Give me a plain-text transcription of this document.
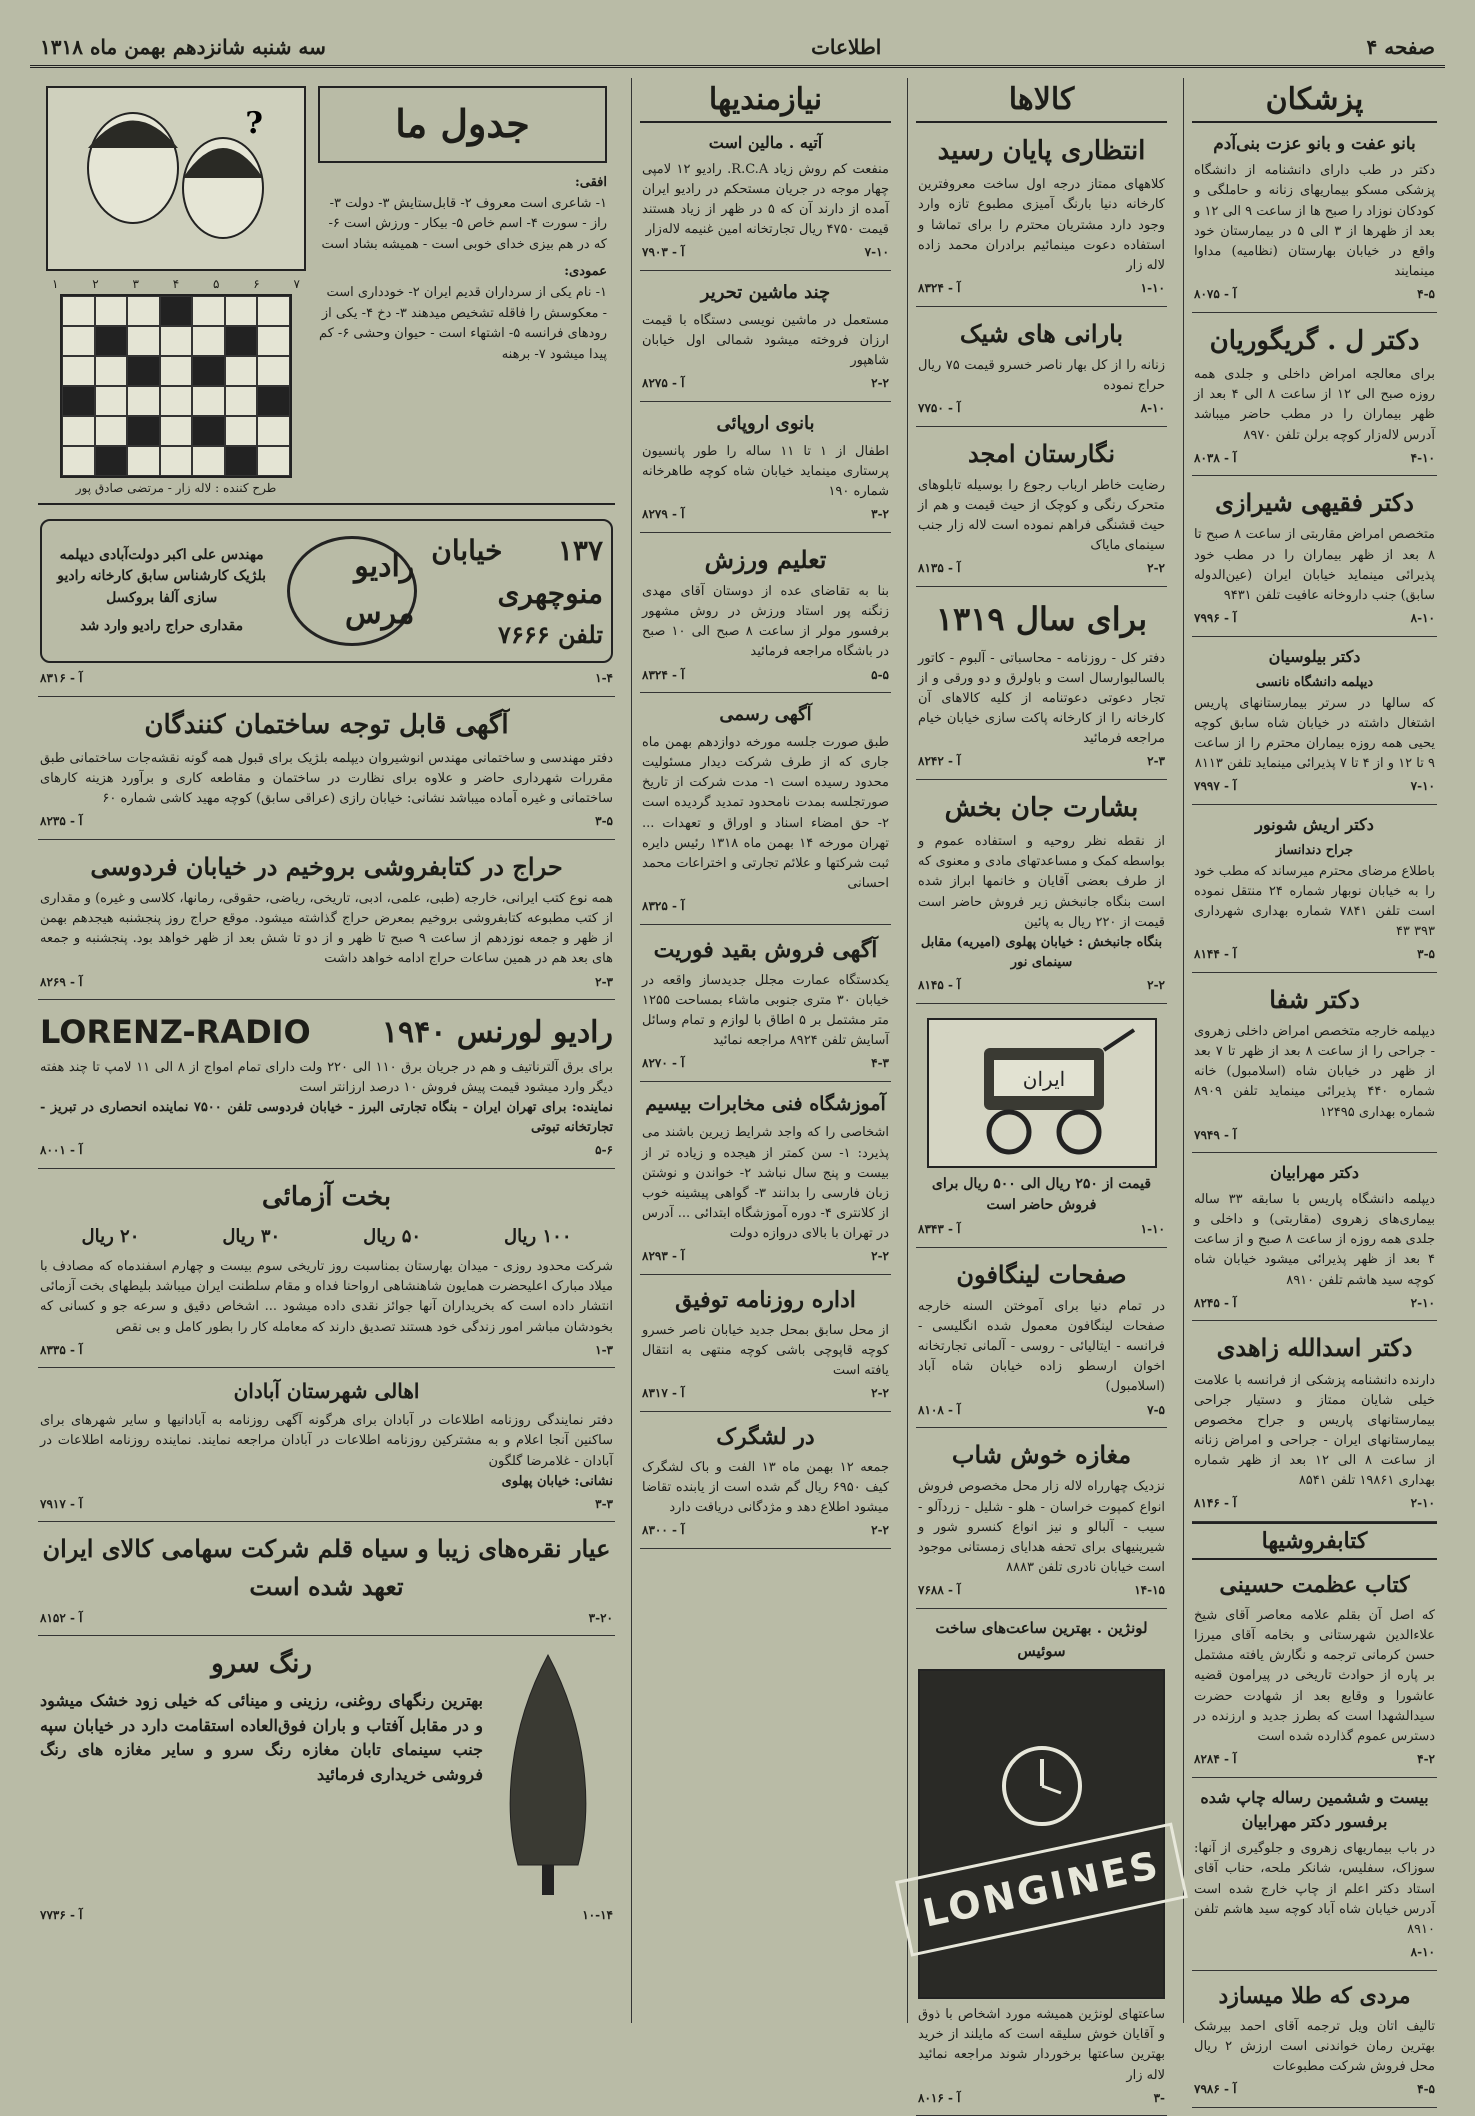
صفحه ۴
اطلاعات
سه شنبه شانزدهم بهمن ماه ۱۳۱۸
پزشکان
بانو عفت و بانو عزت بنی‌آدم
دکتر در طب دارای دانشنامه از دانشگاه پزشکی مسکو بیماریهای زنانه و حاملگی و کودکان نوزاد را صبح ها از ساعت ۹ الی ۱۲ و بعد از ظهرها از ۳ الی ۵ در بیمارستان خود واقع در خیابان بهارستان (نظامیه) مداوا مینمایند
آ - ۸۰۷۵	۴-۵
دکتر ل . گریگوریان
برای معالجه امراض داخلی و جلدی همه روزه صبح الی ۱۲ از ساعت ۸ الی ۴ بعد از ظهر بیماران را در مطب حاضر میباشد آدرس لاله‌زار کوچه برلن تلفن ۸۹۷۰
آ - ۸۰۳۸	۴-۱۰
دکتر فقیهی شیرازی
متخصص امراض مقاربتی از ساعت ۸ صبح تا ۸ بعد از ظهر بیماران را در مطب خود پذیرائی مینماید خیابان ایران (عین‌الدوله سابق) جنب داروخانه عافیت تلفن ۹۴۳۱
آ - ۷۹۹۶	۸-۱۰
دکتر بیلوسیان
دیپلمه دانشگاه نانسی
که سالها در سرتر بیمارستانهای پاریس اشتغال داشته در خیابان شاه سابق کوچه یحیی همه روزه بیماران محترم را از ساعت ۹ تا ۱۲ و از ۴ تا ۷ پذیرائی مینماید تلفن ۸۱۱۳
آ - ۷۹۹۷	۷-۱۰
دکتر اریش شونور
جراح دندانساز
باطلاع مرضای محترم میرساند که مطب خود را به خیابان نوبهار شماره ۲۴ منتقل نموده است تلفن ۷۸۴۱ شماره بهداری شهرداری ۳۹۳ ۴۳
آ - ۸۱۴۴	۳-۵
دکتر شفا
دیپلمه خارجه متخصص امراض داخلی زهروی - جراحی را از ساعت ۸ بعد از ظهر تا ۷ بعد از ظهر در خیابان شاه (اسلامبول) خانه شماره ۴۴۰ پذیرائی مینماید تلفن ۸۹۰۹ شماره بهداری ۱۲۴۹۵
آ - ۷۹۴۹
دکتر مهرابیان
دیپلمه دانشگاه پاریس با سابقه ۳۳ ساله بیماری‌های زهروی (مقاربتی) و داخلی و جلدی همه روزه از ساعت ۸ صبح و از ساعت ۴ بعد از ظهر پذیرائی میشود خیابان شاه کوچه سید هاشم تلفن ۸۹۱۰
آ - ۸۲۴۵	۲-۱۰
دکتر اسدالله زاهدی
دارنده دانشنامه پزشکی از فرانسه با علامت خیلی شایان ممتاز و دستیار جراحی بیمارستانهای پاریس و جراح مخصوص بیمارستانهای ایران - جراحی و امراض زنانه از ساعت ۸ الی ۱۲ بعد از ظهر شماره بهداری ۱۹۸۶۱ تلفن ۸۵۴۱
آ - ۸۱۴۶	۲-۱۰
کتابفروشیها
کتاب عظمت حسینی
که اصل آن بقلم علامه معاصر آقای شیخ علاءالدین شهرستانی و بخامه آقای میرزا حسن کرمانی ترجمه و نگارش یافته مشتمل بر پاره از حوادث تاریخی در پیرامون قضیه عاشورا و وقایع بعد از شهادت حضرت سیدالشهدا است که بطرز جدید و ارزنده در دسترس عموم گذارده شده است
آ - ۸۲۸۴	۴-۲
بیست و ششمین رساله چاپ شده برفسور دکتر مهرابیان
در باب بیماریهای زهروی و جلوگیری از آنها: سوزاک، سفلیس، شانکر ملحه، حناب آقای استاد دکتر اعلم از چاپ خارج شده است آدرس خیابان شاه آباد کوچه سید هاشم تلفن ۸۹۱۰
۸-۱۰
مردی که طلا میسازد
تالیف اتان ویل ترجمه آقای احمد بیرشک بهترین رمان خواندنی است ارزش ۲ ریال محل فروش شرکت مطبوعات
آ - ۷۹۸۶	۴-۵
کالاها
انتظاری پایان رسید
کلاههای ممتاز درجه اول ساخت معروفترین کارخانه دنیا بارنگ آمیزی مطبوع تازه وارد وجود دارد مشتریان محترم را برای تماشا و استفاده دعوت مینمائیم برادران محمد زاده لاله زار
آ - ۸۳۲۴	۱-۱۰
بارانی های شیک
زنانه را از کل بهار ناصر خسرو قیمت ۷۵ ریال حراج نموده
آ - ۷۷۵۰	۸-۱۰
نگارستان امجد
رضایت خاطر ارباب رجوع را بوسیله تابلوهای متحرک رنگی و کوچک از حیث قیمت و هم از حیث قشنگی فراهم نموده است لاله زار جنب سینمای مایاک
آ - ۸۱۳۵	۲-۲
برای سال ۱۳۱۹
دفتر کل - روزنامه - محاسباتی - آلبوم - کاتور بالسالبوارسال است و باولرق و دو ورقی و از تجار دعوتی دعوتنامه از کلیه کالاهای آن کارخانه را از کارخانه پاکت سازی خیابان خیام مراجعه فرمائید
آ - ۸۲۴۲	۲-۳
بشارت جان بخش
از نقطه نظر روحیه و استفاده عموم و بواسطه کمک و مساعدتهای مادی و معنوی که از طرف بعضی آقایان و خانمها ابراز شده است بنگاه جانبخش زیر فروش حاضر است قیمت از ۲۲۰ ریال به پائین
بنگاه جانبخش : خیابان پهلوی (امیریه) مقابل سینمای نور
آ - ۸۱۴۵	۲-۲
ایران
قیمت از ۲۵۰ ریال الی ۵۰۰ ریال برای فروش حاضر است
آ - ۸۳۴۳	۱-۱۰
صفحات لینگافون
در تمام دنیا برای آموختن السنه خارجه صفحات لینگافون معمول شده انگلیسی - فرانسه - ایتالیائی - روسی - آلمانی تجارتخانه اخوان ارسطو زاده خیابان شاه آباد (اسلامبول)
آ - ۸۱۰۸	۷-۵
مغازه خوش شاب
نزدیک چهارراه لاله زار محل مخصوص فروش انواع کمپوت خراسان - هلو - شلیل - زردآلو - سیب - آلبالو و نیز انواع کنسرو شور و شیرینیهای برای تحفه هدایای زمستانی موجود است خیابان نادری تلفن ۸۸۸۳
آ - ۷۶۸۸	۱۴-۱۵
لونژین . بهترین ساعت‌های ساخت سوئیس
LONGINES
ساعتهای لونژین همیشه مورد اشخاص با ذوق و آقایان خوش سلیقه است که مایلند از خرید بهترین ساعتها برخوردار شوند مراجعه نمائید لاله زار
آ - ۸۰۱۶	۳-
نیازمندیها
آتیه . مالین است
منفعت کم روش زیاد R.C.A. رادیو ۱۲ لامپی چهار موجه در جریان مستحکم در رادیو ایران آمده از دارند آن که ۵ در ظهر از زیاد هستند قیمت ۴۷۵۰ ریال تجارتخانه امین غنیمه لاله‌زار
آ - ۷۹۰۳	۷-۱۰
چند ماشین تحریر
مستعمل در ماشین نویسی دستگاه با قیمت ارزان فروخته میشود شمالی اول خیابان شاهپور
آ - ۸۲۷۵	۲-۲
بانوی اروپائی
اطفال از ۱ تا ۱۱ ساله را طور پانسیون پرستاری مینماید خیابان شاه کوچه طاهرخانه شماره ۱۹۰
آ - ۸۲۷۹	۳-۲
تعلیم ورزش
بنا به تقاضای عده از دوستان آقای مهدی زنگنه پور استاد ورزش در روش مشهور برفسور مولر از ساعت ۸ صبح الی ۱۰ صبح در باشگاه مراجعه فرمائید
آ - ۸۳۲۴	۵-۵
آگهی رسمی
طبق صورت جلسه مورخه دوازدهم بهمن ماه جاری که از طرف شرکت دیدار مسئولیت محدود رسیده است ۱- مدت شرکت از تاریخ صورتجلسه بمدت نامحدود تمدید گردیده است ۲- حق امضاء اسناد و اوراق و تعهدات ... تهران مورخه ۱۴ بهمن ماه ۱۳۱۸ رئیس دایره ثبت شرکتها و علائم تجارتی و اختراعات محمد احسانی
آ - ۸۳۲۵
آگهی فروش بقید فوریت
یکدستگاه عمارت مجلل جدیدساز واقعه در خیابان ۳۰ متری جنوبی ماشاء بمساحت ۱۲۵۵ متر مشتمل بر ۵ اطاق با لوازم و تمام وسائل آسایش تلفن ۸۹۲۴ مراجعه نمائید
آ - ۸۲۷۰	۴-۳
آموزشگاه فنی مخابرات بیسیم
اشخاصی را که واجد شرایط زیرین باشند می پذیرد: ۱- سن کمتر از هیجده و زیاده تر از بیست و پنج سال نباشد ۲- خواندن و نوشتن زبان فارسی را بدانند ۳- گواهی پیشینه خوب از کلانتری ۴- دوره آموزشگاه ابتدائی ... آدرس در تهران با بالای دروازه دولت
آ - ۸۲۹۳	۲-۲
اداره روزنامه توفیق
از محل سابق بمحل جدید خیابان ناصر خسرو کوچه قاپوچی باشی کوچه منتهی به انتقال یافته است
آ - ۸۳۱۷	۲-۲
در لشگرک
جمعه ۱۲ بهمن ماه ۱۳ الفت و باک لشگرک کیف ۶۹۵۰ ریال گم شده است از یابنده تقاضا میشود اطلاع دهد و مژدگانی دریافت دارد
آ - ۸۳۰۰	۲-۲
جدول ما
افقی:
۱- شاعری است معروف ۲- قابل‌ستایش ۳- دولت ۳- راز - سورت ۴- اسم خاص ۵- بیکار - ورزش است ۶- که در هم بیزی خدای خوبی است - همیشه بشاد است
عمودی:
۱- نام یکی از سرداران قدیم ایران ۲- خودداری است - معکوسش را فاقله تشخیص میدهند ۳- دخ ۴- یکی از رودهای فرانسه ۵- اشتهاء است - حیوان وحشی ۶- کم پیدا میشود ۷- برهنه
?
۱	۲	۳	۴	۵	۶	۷
طرح کننده : لاله زار - مرتضی صادق پور
۱۳۷ خیابان منوچهری
تلفن ۷۶۶۶
رادیو مرس
مهندس علی اکبر دولت‌آبادی دیپلمه بلژیک کارشناس سابق کارخانه رادیو سازی آلفا بروکسل
مقداری حراج رادیو وارد شد
آ - ۸۳۱۶	۱-۴
آگهی قابل توجه ساختمان کنندگان
دفتر مهندسی و ساختمانی مهندس انوشیروان دیپلمه بلژیک برای قبول همه گونه نقشه‌جات ساختمانی طبق مقررات شهرداری حاضر و علاوه برای نظارت در ساختمان و مقاطعه کاری و برآورد هزینه کارهای ساختمانی و غیره آماده میباشد نشانی: خیابان رازی (عراقی سابق) کوچه مهید کاشی شماره ۶۰
آ - ۸۲۳۵	۳-۵
حراج در کتابفروشی بروخیم در خیابان فردوسی
همه نوع کتب ایرانی، خارجه (طبی، علمی، ادبی، تاریخی، ریاضی، حقوقی، رمانها، کلاسی و غیره) و مقداری از کتب مطبوعه کتابفروشی بروخیم بمعرض حراج گذاشته میشود. موقع حراج روز پنجشنبه هیجدهم بهمن از ظهر و جمعه نوزدهم از ساعت ۹ صبح تا ظهر و از دو تا شش بعد از ظهر خواهد بود. پنجشنبه و جمعه های بعد هم در همین ساعات حراج ادامه خواهد داشت
آ - ۸۲۶۹	۲-۳
رادیو لورنس ۱۹۴۰
LORENZ-RADIO
برای برق آلترناتیف و هم در جریان برق ۱۱۰ الی ۲۲۰ ولت دارای تمام امواج از ۸ الی ۱۱ لامپ تا چند هفته دیگر وارد میشود قیمت پیش فروش ۱۰ درصد ارزانتر است
نماینده: برای تهران ایران - بنگاه تجارتی البرز - خیابان فردوسی تلفن ۷۵۰۰ نماینده انحصاری در تبریز - تجارتخانه تبوتی
آ - ۸۰۰۱	۵-۶
بخت آزمائی
۱۰۰ ریال
۵۰ ریال
۳۰ ریال
۲۰ ریال
شرکت محدود روزی - میدان بهارستان بمناسبت روز تاریخی سوم بیست و چهارم اسفندماه که مصادف با میلاد مبارک اعلیحضرت همایون شاهنشاهی ارواحنا فداه و مقام سلطنت ایران میباشد بلیطهای بخت آزمائی انتشار داده است که بخریداران آنها جوائز نقدی داده میشود ... اشخاص دقیق و سرعه جو و کسانی که بخودشان مباشر امور زندگی خود هستند تصدیق دارند که معامله کار را بطور کامل و بی نقص
آ - ۸۳۳۵	۱-۳
اهالی شهرستان آبادان
دفتر نمایندگی روزنامه اطلاعات در آبادان برای هرگونه آگهی روزنامه به آبادانیها و سایر شهرهای برای ساکنین آنجا اعلام و به مشترکین روزنامه اطلاعات در آبادان مراجعه نمایند. نماینده روزنامه اطلاعات در آبادان - غلامرضا گلگون
نشانی: خیابان پهلوی
آ - ۷۹۱۷	۳-۳
عیار نقره‌های زیبا و سیاه قلم شرکت سهامی کالای ایران تعهد شده است
آ - ۸۱۵۲	۳-۲۰
رنگ سرو
بهترین رنگهای روغنی، رزینی و مینائی که خیلی زود خشک میشود و در مقابل آفتاب و باران فوق‌العاده استقامت دارد در خیابان سپه جنب سینمای تابان مغازه رنگ سرو و سایر مغازه های رنگ فروشی خریداری فرمائید
آ - ۷۷۳۶	۱۰-۱۴
